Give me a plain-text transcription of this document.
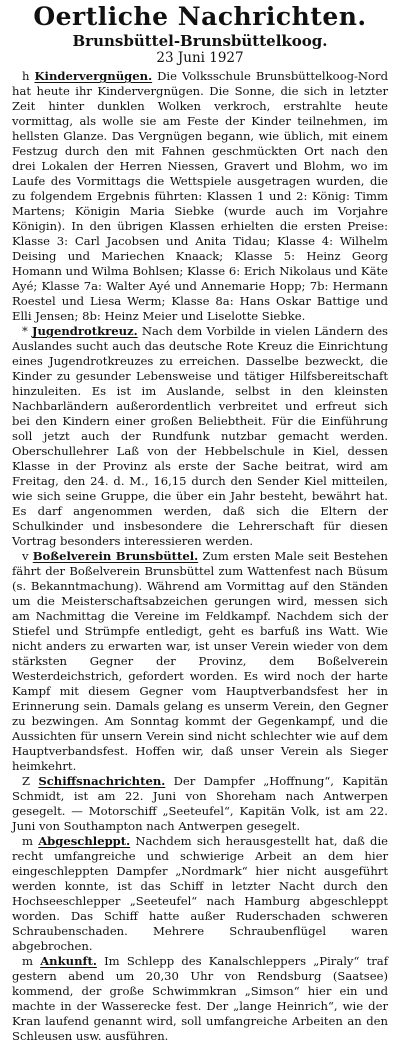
Oertliche Nachrichten.
Brunsbüttel-Brunsbüttelkoog.
23 Juni 1927

h Kindervergnügen. Die Volksschule Brunsbüttelkoog-Nord hat heute ihr Kindervergnügen. Die Sonne, die sich in letzter Zeit hinter dunklen Wolken verkroch, erstrahlte heute vormittag, als wolle sie am Feste der Kinder teilnehmen, im hellsten Glanze. Das Vergnügen begann, wie üblich, mit einem Festzug durch den mit Fahnen geschmückten Ort nach den drei Lokalen der Herren Niessen, Gravert und Blohm, wo im Laufe des Vormittags die Wettspiele ausgetragen wurden, die zu folgendem Ergebnis führten: Klassen 1 und 2: König: Timm Martens; Königin Maria Siebke (wurde auch im Vorjahre Königin). In den übrigen Klassen erhielten die ersten Preise: Klasse 3: Carl Jacobsen und Anita Tidau; Klasse 4: Wilhelm Deising und Mariechen Knaack; Klasse 5: Heinz Georg Homann und Wilma Bohlsen; Klasse 6: Erich Nikolaus und Käte Ayé; Klasse 7a: Walter Ayé und Annemarie Hopp; 7b: Hermann Roestel und Liesa Werm; Klasse 8a: Hans Oskar Battige und Elli Jensen; 8b: Heinz Meier und Liselotte Siebke.

* Jugendrotkreuz. Nach dem Vorbilde in vielen Ländern des Auslandes sucht auch das deutsche Rote Kreuz die Einrichtung eines Jugendrotkreuzes zu erreichen. Dasselbe bezweckt, die Kinder zu gesunder Lebensweise und tätiger Hilfsbereitschaft hinzuleiten. Es ist im Auslande, selbst in den kleinsten Nachbarländern außerordentlich verbreitet und erfreut sich bei den Kindern einer großen Beliebtheit. Für die Einführung soll jetzt auch der Rundfunk nutzbar gemacht werden. Oberschullehrer Laß von der Hebbelschule in Kiel, dessen Klasse in der Provinz als erste der Sache beitrat, wird am Freitag, den 24. d. M., 16,15 durch den Sender Kiel mitteilen, wie sich seine Gruppe, die über ein Jahr besteht, bewährt hat. Es darf angenommen werden, daß sich die Eltern der Schulkinder und insbesondere die Lehrerschaft für diesen Vortrag besonders interessieren werden.

v Boßelverein Brunsbüttel. Zum ersten Male seit Bestehen fährt der Boßelverein Brunsbüttel zum Wattenfest nach Büsum (s. Bekanntmachung). Während am Vormittag auf den Ständen um die Meisterschaftsabzeichen gerungen wird, messen sich am Nachmittag die Vereine im Feldkampf. Nachdem sich der Stiefel und Strümpfe entledigt, geht es barfuß ins Watt. Wie nicht anders zu erwarten war, ist unser Verein wieder von dem stärksten Gegner der Provinz, dem Boßelverein Westerdeichstrich, gefordert worden. Es wird noch der harte Kampf mit diesem Gegner vom Hauptverbandsfest her in Erinnerung sein. Damals gelang es unserm Verein, den Gegner zu bezwingen. Am Sonntag kommt der Gegenkampf, und die Aussichten für unsern Verein sind nicht schlechter wie auf dem Hauptverbandsfest. Hoffen wir, daß unser Verein als Sieger heimkehrt.

Z Schiffsnachrichten. Der Dampfer „Hoffnung“, Kapitän Schmidt, ist am 22. Juni von Shoreham nach Antwerpen gesegelt. — Motorschiff „Seeteufel“, Kapitän Volk, ist am 22. Juni von Southampton nach Antwerpen gesegelt.

m Abgeschleppt. Nachdem sich herausgestellt hat, daß die recht umfangreiche und schwierige Arbeit an dem hier eingeschleppten Dampfer „Nordmark“ hier nicht ausgeführt werden konnte, ist das Schiff in letzter Nacht durch den Hochseeschlepper „Seeteufel“ nach Hamburg abgeschleppt worden. Das Schiff hatte außer Ruderschaden schweren Schraubenschaden. Mehrere Schraubenflügel waren abgebrochen.

m Ankunft. Im Schlepp des Kanalschleppers „Piraly“ traf gestern abend um 20,30 Uhr von Rendsburg (Saatsee) kommend, der große Schwimmkran „Simson“ hier ein und machte in der Wasserecke fest. Der „lange Heinrich“, wie der Kran laufend genannt wird, soll umfangreiche Arbeiten an den Schleusen usw. ausführen.
